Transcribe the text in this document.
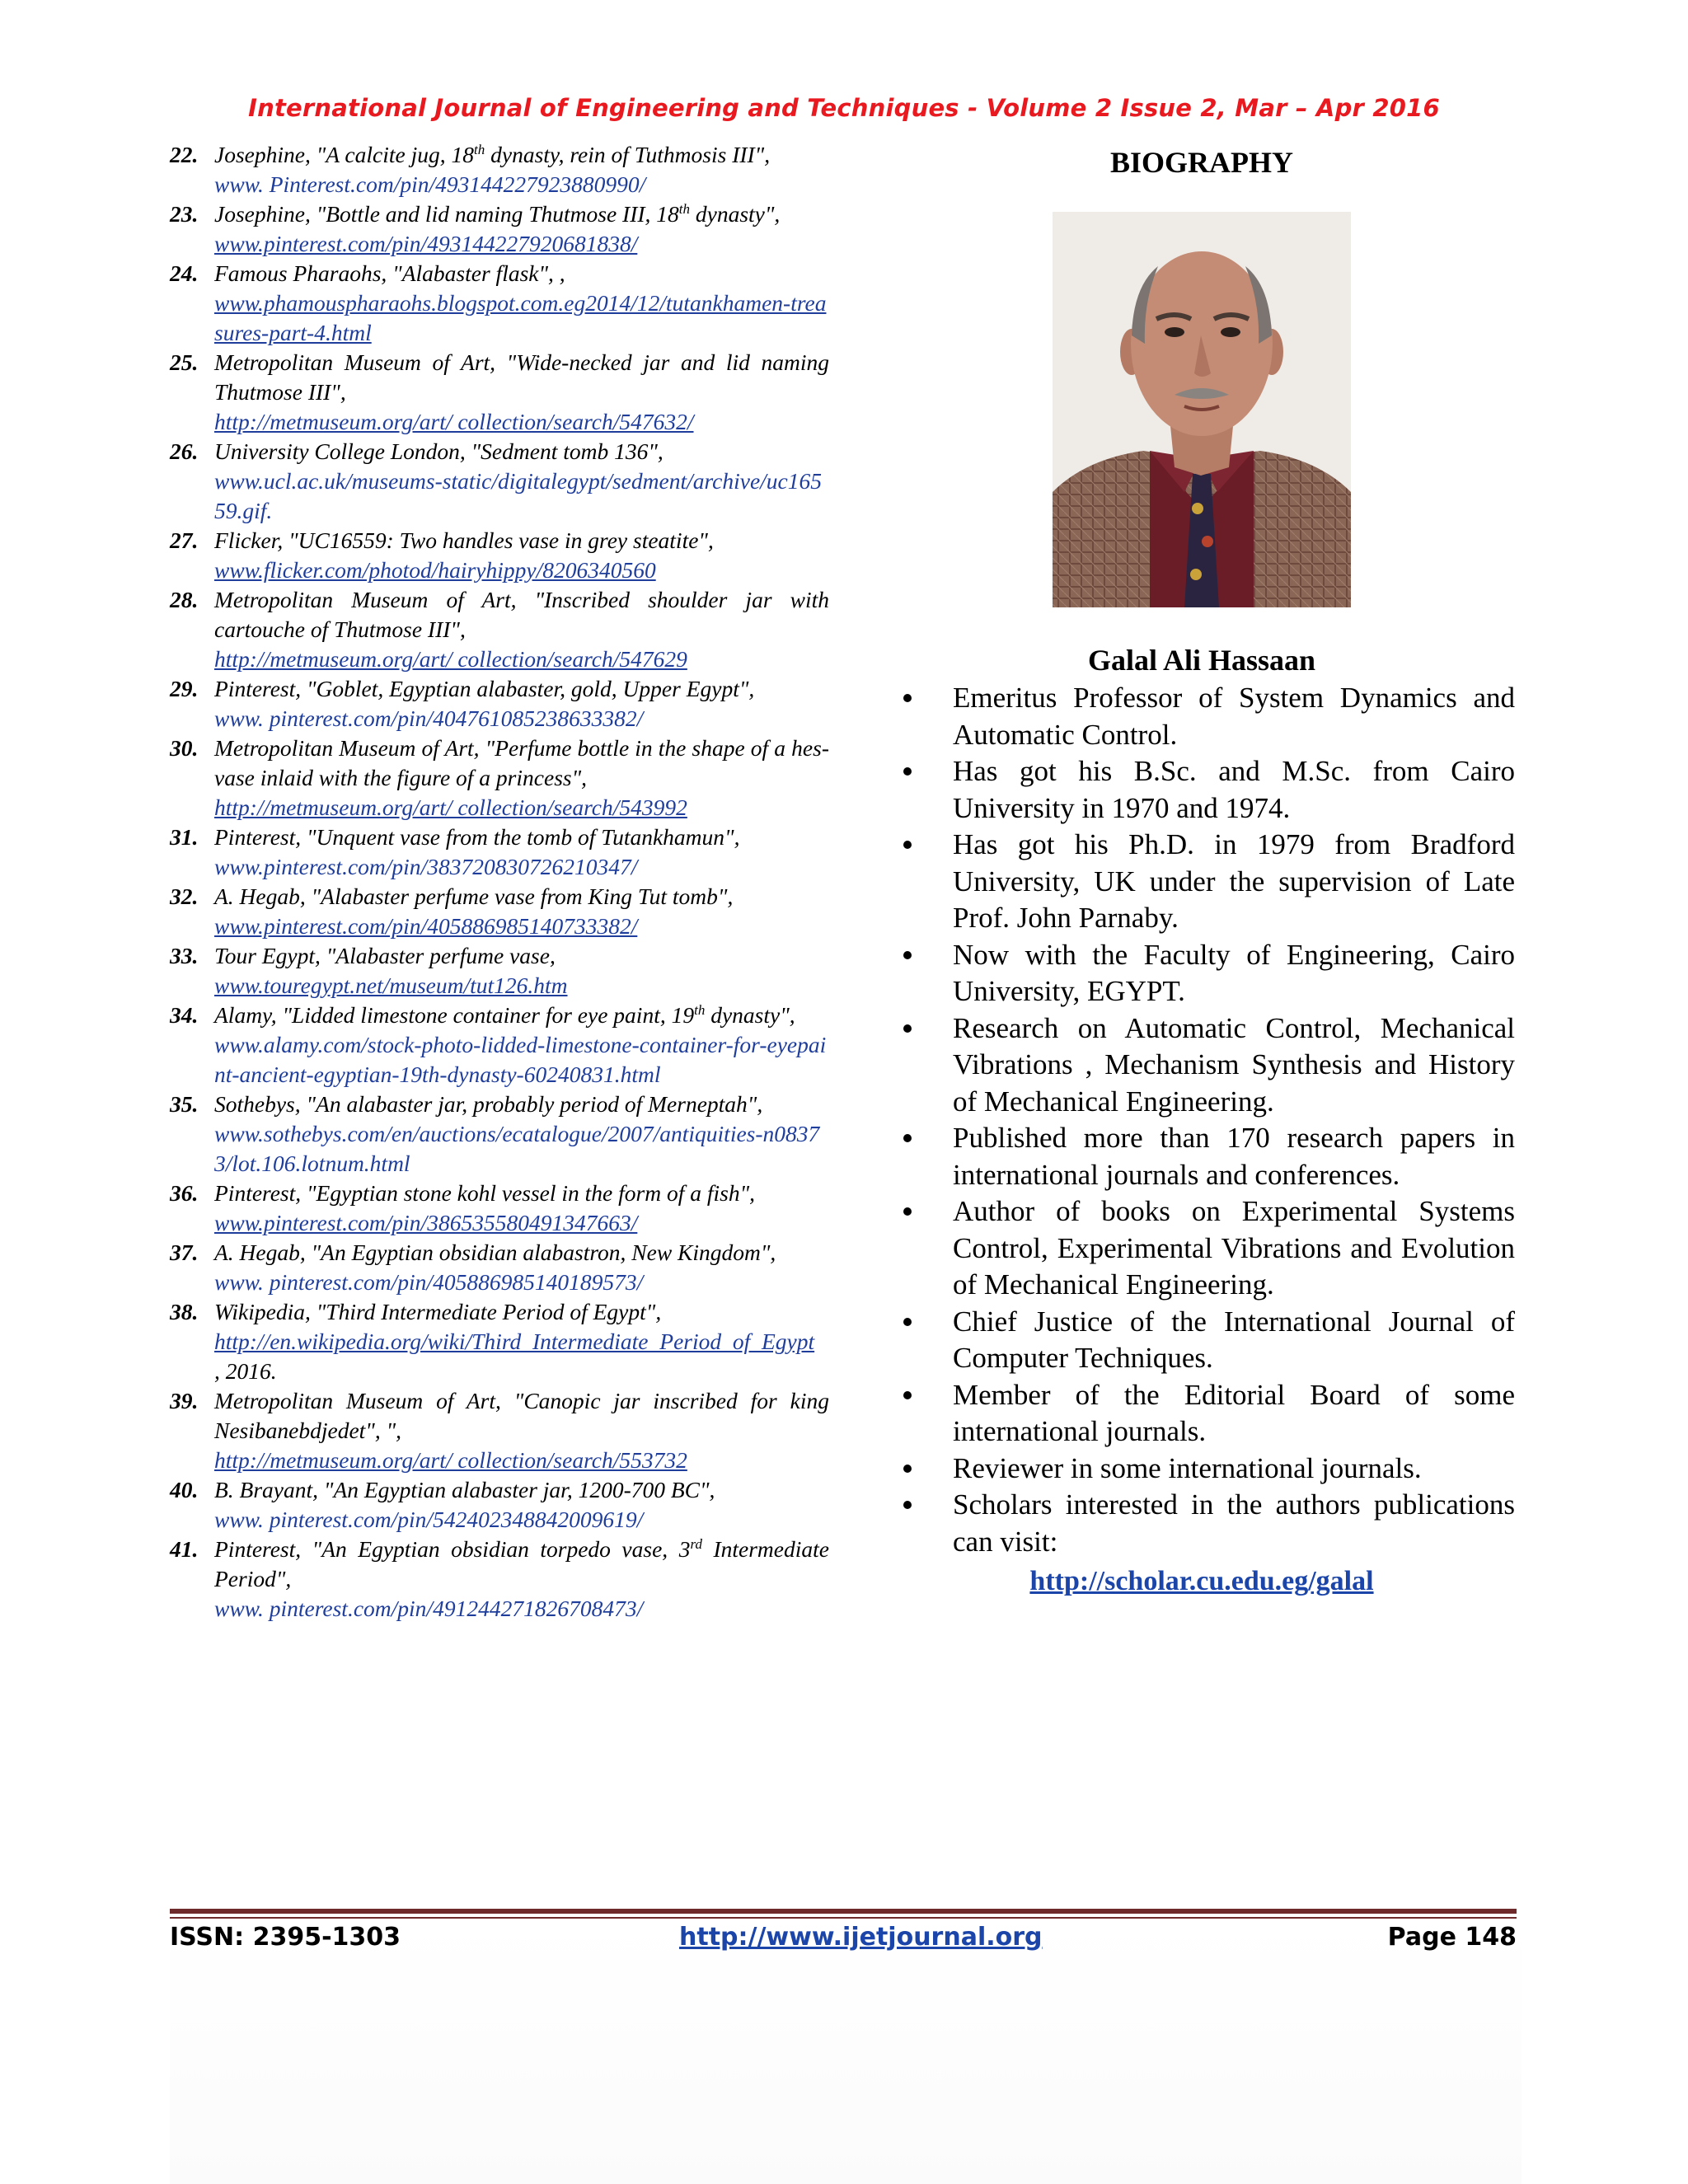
International Journal of Engineering and Techniques - Volume 2 Issue 2, Mar – Apr 2016
22. Josephine, "A calcite jug, 18th dynasty, rein of Tuthmosis III",
www. Pinterest.com/pin/493144227923880990/
23. Josephine, "Bottle and lid naming Thutmose III, 18th dynasty",
www.pinterest.com/pin/493144227920681838/
24. Famous Pharaohs, "Alabaster flask", ,
www.phamouspharaohs.blogspot.com.eg2014/12/tutankhamen-treasures-part-4.html
25. Metropolitan Museum of Art, "Wide-necked jar and lid naming Thutmose III",
http://metmuseum.org/art/ collection/search/547632/
26. University College London, "Sedment tomb 136",
www.ucl.ac.uk/museums-static/digitalegypt/sedment/archive/uc16559.gif.
27. Flicker, "UC16559: Two handles vase in grey steatite",
www.flicker.com/photod/hairyhippy/8206340560
28. Metropolitan Museum of Art, "Inscribed shoulder jar with cartouche of Thutmose III",
http://metmuseum.org/art/ collection/search/547629
29. Pinterest, "Goblet, Egyptian alabaster, gold, Upper Egypt",
www. pinterest.com/pin/404761085238633382/
30. Metropolitan Museum of Art, "Perfume bottle in the shape of a hes-vase inlaid with the figure of a princess",
http://metmuseum.org/art/ collection/search/543992
31. Pinterest, "Unquent vase from the tomb of Tutankhamun",
www.pinterest.com/pin/383720830726210347/
32. A. Hegab, "Alabaster perfume vase from King Tut tomb",
www.pinterest.com/pin/405886985140733382/
33. Tour Egypt, "Alabaster perfume vase,
www.touregypt.net/museum/tut126.htm
34. Alamy, "Lidded limestone container for eye paint, 19th dynasty",
www.alamy.com/stock-photo-lidded-limestone-container-for-eyepaint-ancient-egyptian-19th-dynasty-60240831.html
35. Sothebys, "An alabaster jar, probably period of Merneptah",
www.sothebys.com/en/auctions/ecatalogue/2007/antiquities-n08373/lot.106.lotnum.html
36. Pinterest, "Egyptian stone kohl vessel in the form of a fish",
www.pinterest.com/pin/386535580491347663/
37. A. Hegab, "An Egyptian obsidian alabastron, New Kingdom",
www. pinterest.com/pin/405886985140189573/
38. Wikipedia, "Third Intermediate Period of Egypt",
http://en.wikipedia.org/wiki/Third_Intermediate_Period_of_Egypt
, 2016.
39. Metropolitan Museum of Art, "Canopic jar inscribed for king Nesibanebdjedet", ",
http://metmuseum.org/art/ collection/search/553732
40. B. Brayant, "An Egyptian alabaster jar, 1200-700 BC",
www. pinterest.com/pin/542402348842009619/
41. Pinterest, "An Egyptian obsidian torpedo vase, 3rd Intermediate Period",
www. pinterest.com/pin/491244271826708473/
BIOGRAPHY
Galal Ali Hassaan
Emeritus Professor of System Dynamics and Automatic Control.
Has got his B.Sc. and M.Sc. from Cairo University in 1970 and 1974.
Has got his Ph.D. in 1979 from Bradford University, UK under the supervision of Late Prof. John Parnaby.
Now with the Faculty of Engineering, Cairo University, EGYPT.
Research on Automatic Control, Mechanical Vibrations , Mechanism Synthesis and History of Mechanical Engineering.
Published more than 170 research papers in international journals and conferences.
Author of books on Experimental Systems Control, Experimental Vibrations and Evolution of Mechanical Engineering.
Chief Justice of the International Journal of Computer Techniques.
Member of the Editorial Board of some international journals.
Reviewer in some international journals.
Scholars interested in the authors publications can visit:
http://scholar.cu.edu.eg/galal
ISSN: 2395-1303	http://www.ijetjournal.org	Page 148
